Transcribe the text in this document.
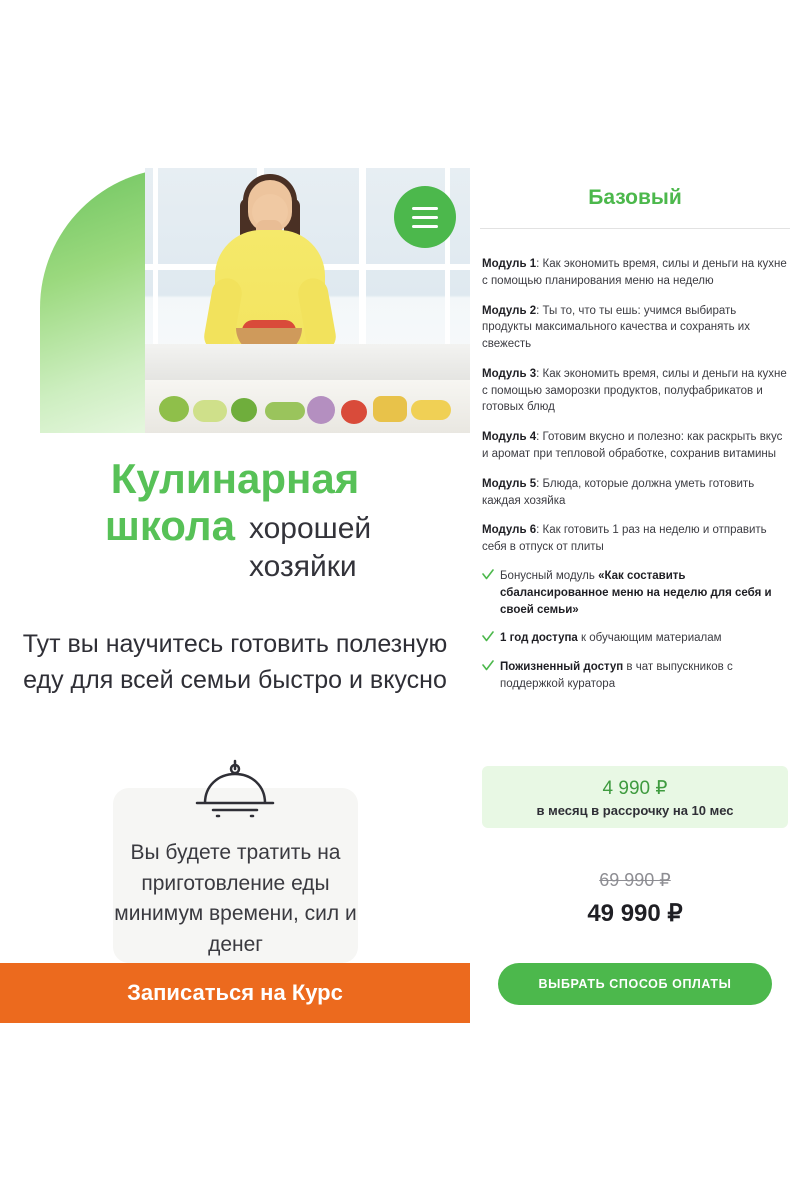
Кулинарная
школа хорошей
хозяйки
Тут вы научитесь готовить полезную еду для всей семьи быстро и вкусно
Вы будете тратить на приготовление еды минимум времени, сил и денег
Записаться на Курс
Базовый
Модуль 1: Как экономить время, силы и деньги на кухне с помощью планирования меню на неделю
Модуль 2: Ты то, что ты ешь: учимся выбирать продукты максимального качества и сохранять их свежесть
Модуль 3: Как экономить время, силы и деньги на кухне с помощью заморозки продуктов, полуфабрикатов и готовых блюд
Модуль 4: Готовим вкусно и полезно: как раскрыть вкус и аромат при тепловой обработке, сохранив витамины
Модуль 5: Блюда, которые должна уметь готовить каждая хозяйка
Модуль 6: Как готовить 1 раз на неделю и отправить себя в отпуск от плиты
Бонусный модуль «Как составить сбалансированное меню на неделю для себя и своей семьи»
1 год доступа к обучающим материалам
Пожизненный доступ в чат выпускников с поддержкой куратора
4 990 ₽
в месяц в рассрочку на 10 мес
69 990 ₽
49 990 ₽
ВЫБРАТЬ СПОСОБ ОПЛАТЫ
